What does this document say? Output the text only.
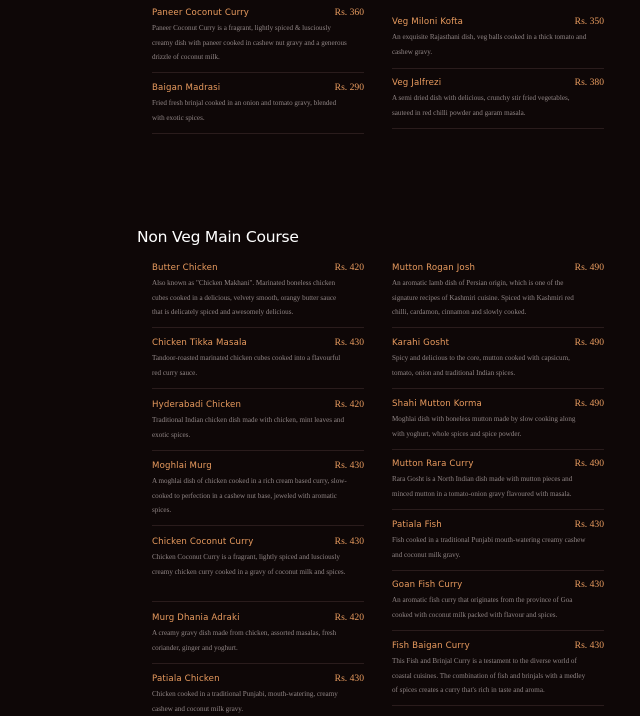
Paneer Coconut Curry	Rs. 360
Paneer Coconut Curry is a fragrant, lightly spiced & lusciously creamy dish with paneer cooked in cashew nut gravy and a generous drizzle of coconut milk.
Baigan Madrasi	Rs. 290
Fried fresh brinjal cooked in an onion and tomato gravy, blended with exotic spices.
Veg Miloni Kofta	Rs. 350
An exquisite Rajasthani dish, veg balls cooked in a thick tomato and cashew gravy.
Veg Jalfrezi	Rs. 380
A semi dried dish with delicious, crunchy stir fried vegetables, sauteed in red chilli powder and garam masala.
Non Veg Main Course
Butter Chicken	Rs. 420
Also known as "Chicken Makhani". Marinated boneless chicken cubes cooked in a delicious, velvety smooth, orangy butter sauce that is delicately spiced and awesomely delicious.
Chicken Tikka Masala	Rs. 430
Tandoor-roasted marinated chicken cubes cooked into a flavourful red curry sauce.
Hyderabadi Chicken	Rs. 420
Traditional Indian chicken dish made with chicken, mint leaves and exotic spices.
Moghlai Murg	Rs. 430
A moghlai dish of chicken cooked in a rich cream based curry, slow-cooked to perfection in a cashew nut base, jeweled with aromatic spices.
Chicken Coconut Curry	Rs. 430
Chicken Coconut Curry is a fragrant, lightly spiced and lusciously creamy chicken curry cooked in a gravy of coconut milk and spices.
Murg Dhania Adraki	Rs. 420
A creamy gravy dish made from chicken, assorted masalas, fresh coriander, ginger and yoghurt.
Patiala Chicken	Rs. 430
Chicken cooked in a traditional Punjabi, mouth-watering, creamy cashew and coconut milk gravy.
Mutton Rogan Josh	Rs. 490
An aromatic lamb dish of Persian origin, which is one of the signature recipes of Kashmiri cuisine. Spiced with Kashmiri red chilli, cardamon, cinnamon and slowly cooked.
Karahi Gosht	Rs. 490
Spicy and delicious to the core, mutton cooked with capsicum, tomato, onion and traditional Indian spices.
Shahi Mutton Korma	Rs. 490
Moghlai dish with boneless mutton made by slow cooking along with yoghurt, whole spices and spice powder.
Mutton Rara Curry	Rs. 490
Rara Gosht is a North Indian dish made with mutton pieces and minced mutton in a tomato-onion gravy flavoured with masala.
Patiala Fish	Rs. 430
Fish cooked in a traditional Punjabi mouth-watering creamy cashew and coconut milk gravy.
Goan Fish Curry	Rs. 430
An aromatic fish curry that originates from the province of Goa cooked with coconut milk packed with flavour and spices.
Fish Baigan Curry	Rs. 430
This Fish and Brinjal Curry is a testament to the diverse world of coastal cuisines. The combination of fish and brinjals with a medley of spices creates a curry that's rich in taste and aroma.
